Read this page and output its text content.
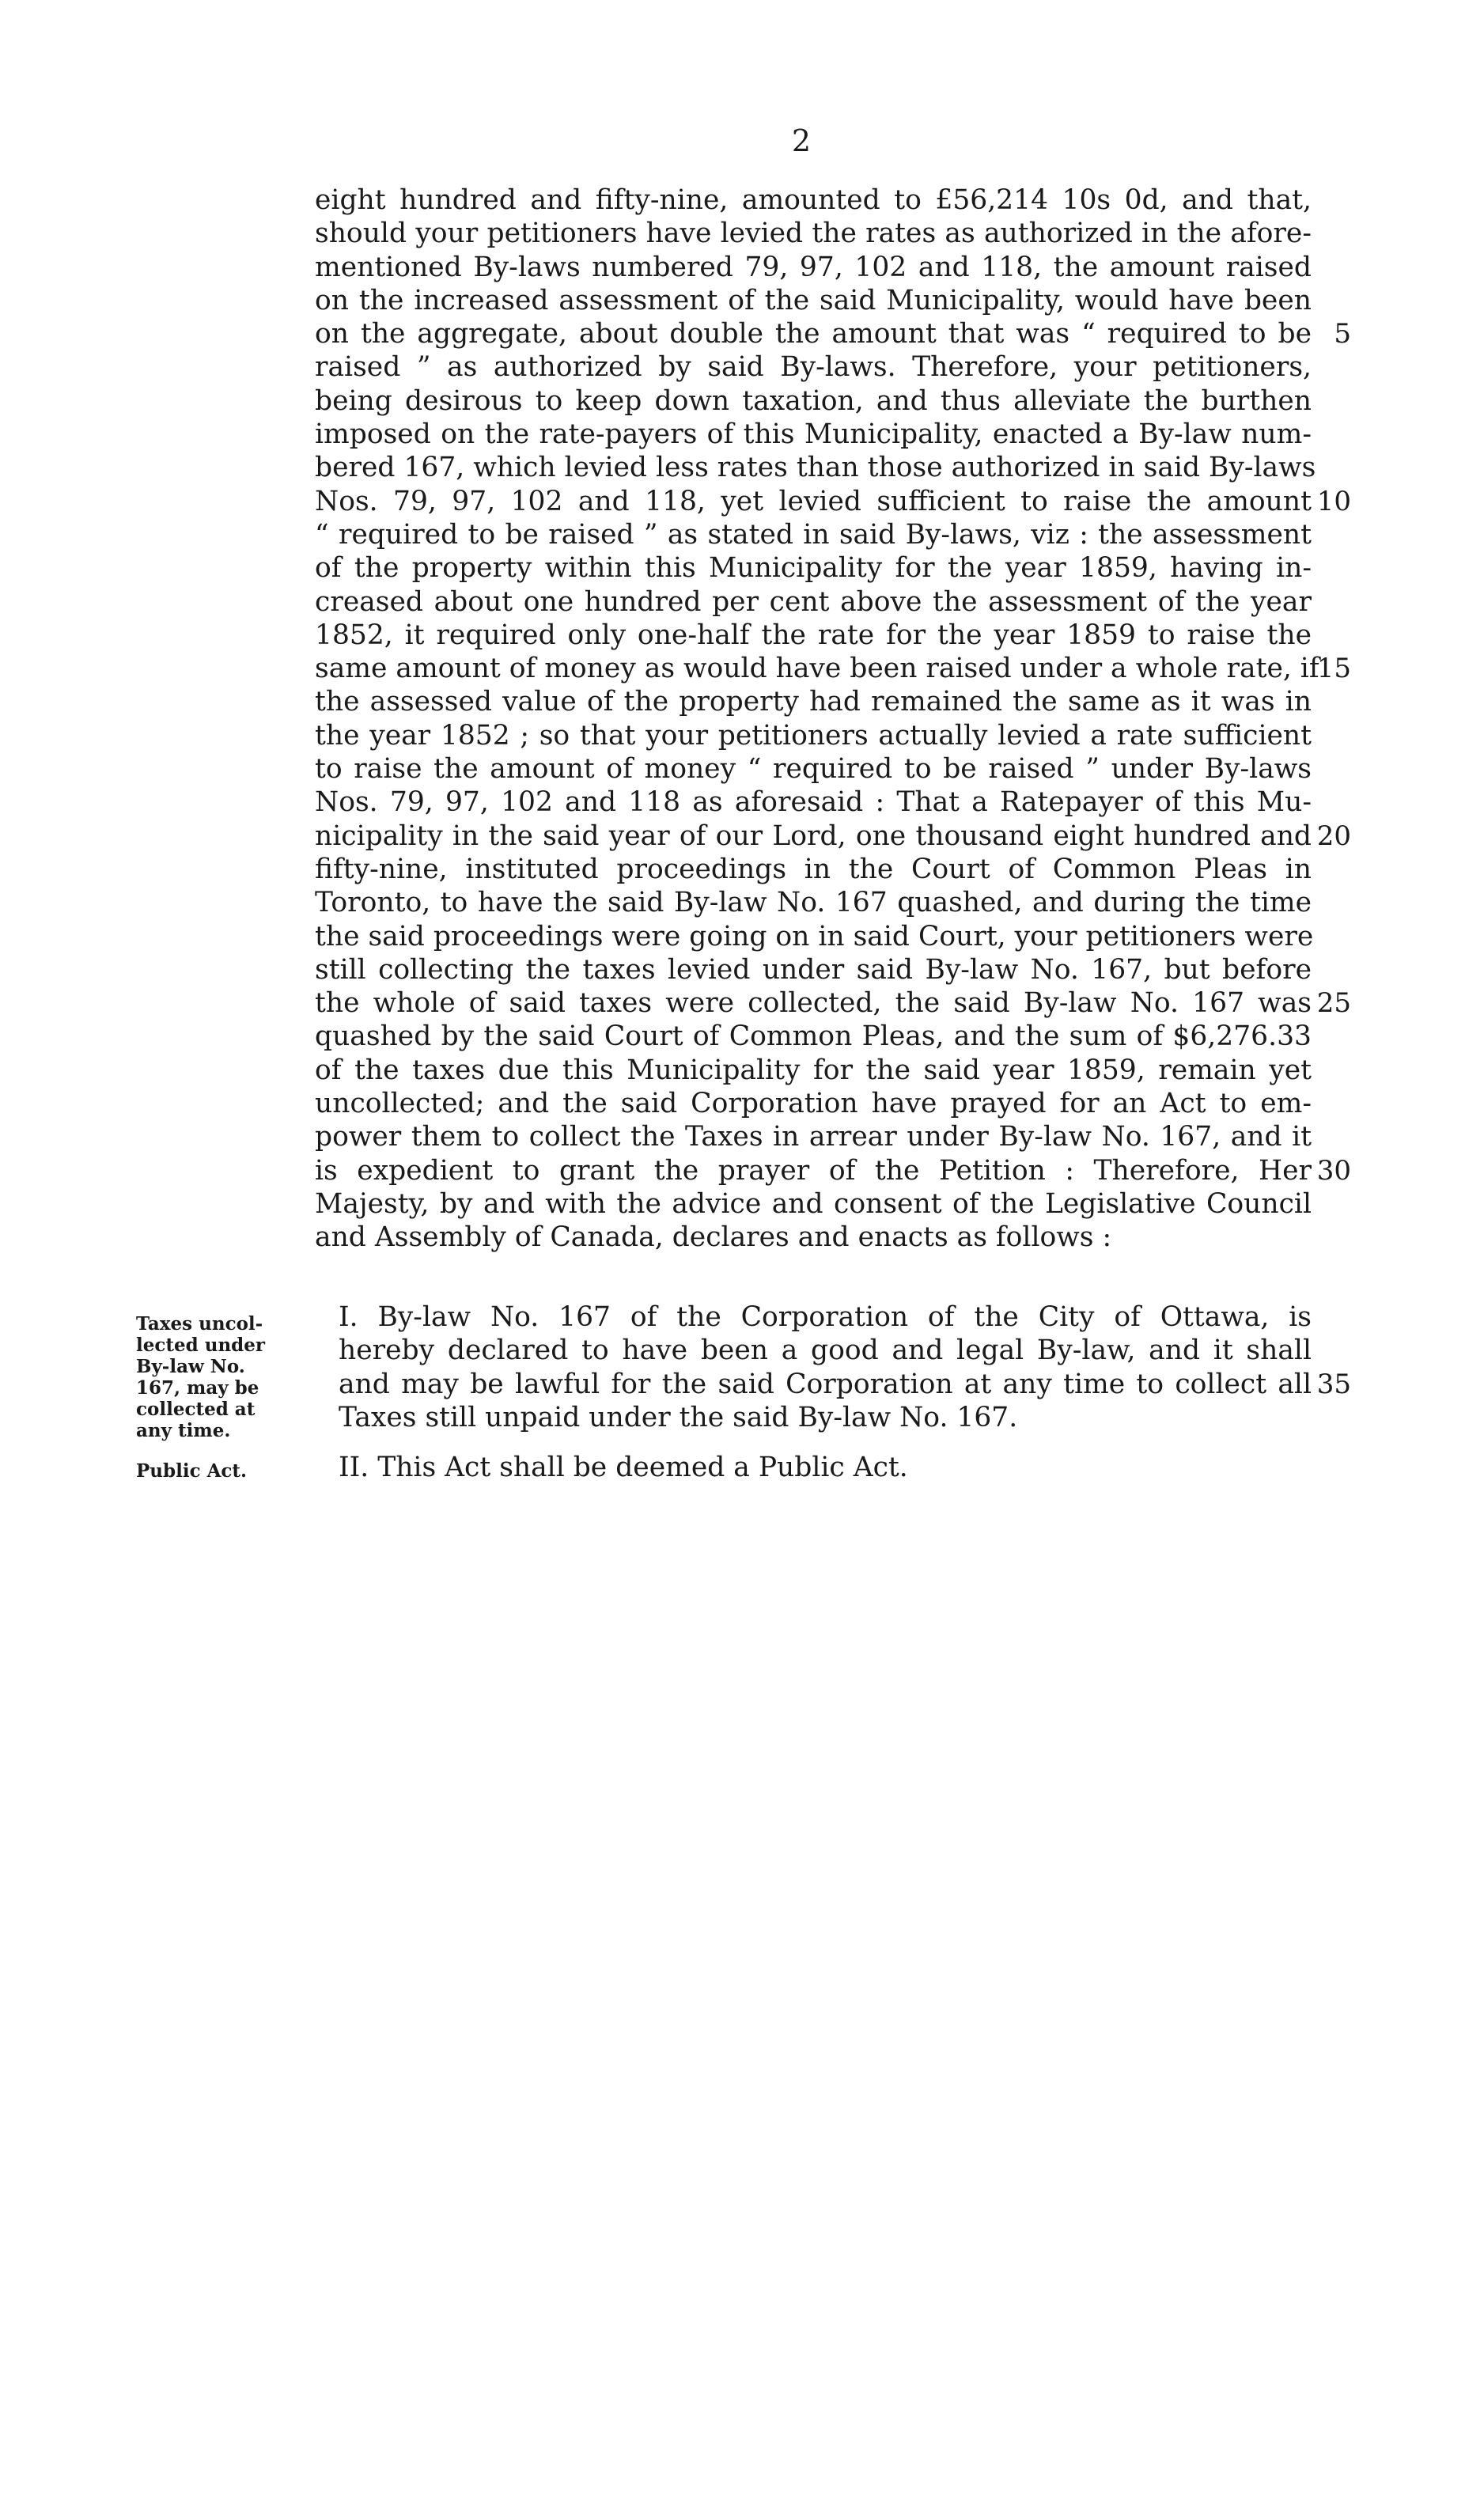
2
eight hundred and fifty-nine, amounted to £56,214 10s 0d, and that,
should your petitioners have levied the rates as authorized in the afore-
mentioned By-laws numbered 79, 97, 102 and 118, the amount raised
on the increased assessment of the said Municipality, would have been
on the aggregate, about double the amount that was “ required to be
raised ” as authorized by said By-laws. Therefore, your petitioners,
being desirous to keep down taxation, and thus alleviate the burthen
imposed on the rate-payers of this Municipality, enacted a By-law num-
bered 167, which levied less rates than those authorized in said By-laws
Nos. 79, 97, 102 and 118, yet levied sufficient to raise the amount
“ required to be raised ” as stated in said By-laws, viz : the assessment
of the property within this Municipality for the year 1859, having in-
creased about one hundred per cent above the assessment of the year
1852, it required only one-half the rate for the year 1859 to raise the
same amount of money as would have been raised under a whole rate, if
the assessed value of the property had remained the same as it was in
the year 1852 ; so that your petitioners actually levied a rate sufficient
to raise the amount of money “ required to be raised ” under By-laws
Nos. 79, 97, 102 and 118 as aforesaid : That a Ratepayer of this Mu-
nicipality in the said year of our Lord, one thousand eight hundred and
fifty-nine, instituted proceedings in the Court of Common Pleas in
Toronto, to have the said By-law No. 167 quashed, and during the time
the said proceedings were going on in said Court, your petitioners were
still collecting the taxes levied under said By-law No. 167, but before
the whole of said taxes were collected, the said By-law No. 167 was
quashed by the said Court of Common Pleas, and the sum of $6,276.33
of the taxes due this Municipality for the said year 1859, remain yet
uncollected; and the said Corporation have prayed for an Act to em-
power them to collect the Taxes in arrear under By-law No. 167, and it
is expedient to grant the prayer of the Petition : Therefore, Her
Majesty, by and with the advice and consent of the Legislative Council
and Assembly of Canada, declares and enacts as follows :
5
10
15
20
25
30
35
Taxes uncol-
lected under
By-law No.
167, may be
collected at
any time.
I. By-law No. 167 of the Corporation of the City of Ottawa, is
hereby declared to have been a good and legal By-law, and it shall
and may be lawful for the said Corporation at any time to collect all
Taxes still unpaid under the said By-law No. 167.
Public Act.	II. This Act shall be deemed a Public Act.
